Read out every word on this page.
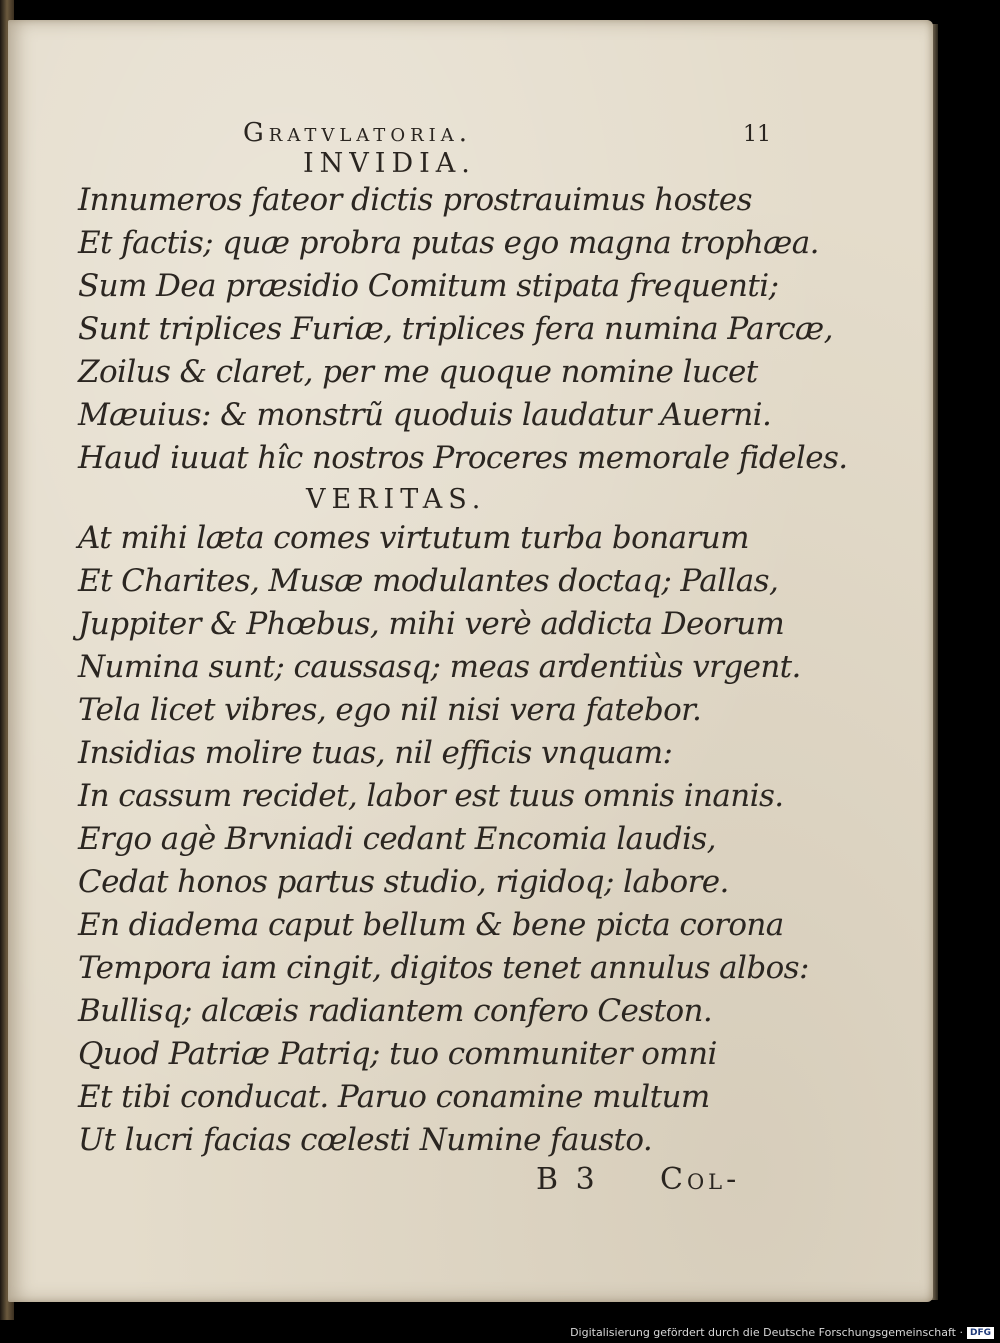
Gratvlatoria.	11
INVIDIA.

Innumeros fateor dictis prostrauimus hostes

Et factis; quæ probra putas ego magna trophæa.

Sum Dea præsidio Comitum stipata frequenti;

Sunt triplices Furiæ, triplices fera numina Parcæ,

Zoilus & claret, per me quoque nomine lucet

Mæuius: & monstrũ quoduis laudatur Auerni.

Haud iuuat hîc nostros Proceres memorale fideles.

VERITAS.

At mihi læta comes virtutum turba bonarum

Et Charites, Musæ modulantes doctaq; Pallas,

Juppiter & Phœbus, mihi verè addicta Deorum

Numina sunt; caussasq; meas ardentiùs vrgent.

Tela licet vibres, ego nil nisi vera fatebor.

Insidias molire tuas, nil efficis vnquam:

In cassum recidet, labor est tuus omnis inanis.

Ergo agè Brvniadi cedant Encomia laudis,

Cedat honos partus studio, rigidoq; labore.

En diadema caput bellum & bene picta corona

Tempora iam cingit, digitos tenet annulus albos:

Bullisq; alcæis radiantem confero Ceston.

Quod Patriæ Patriq; tuo communiter omni

Et tibi conducat. Paruo conamine multum

Ut lucri facias cœlesti Numine fausto.

B 3 Col-
Digitalisierung gefördert durch die Deutsche Forschungsgemeinschaft · DFG
